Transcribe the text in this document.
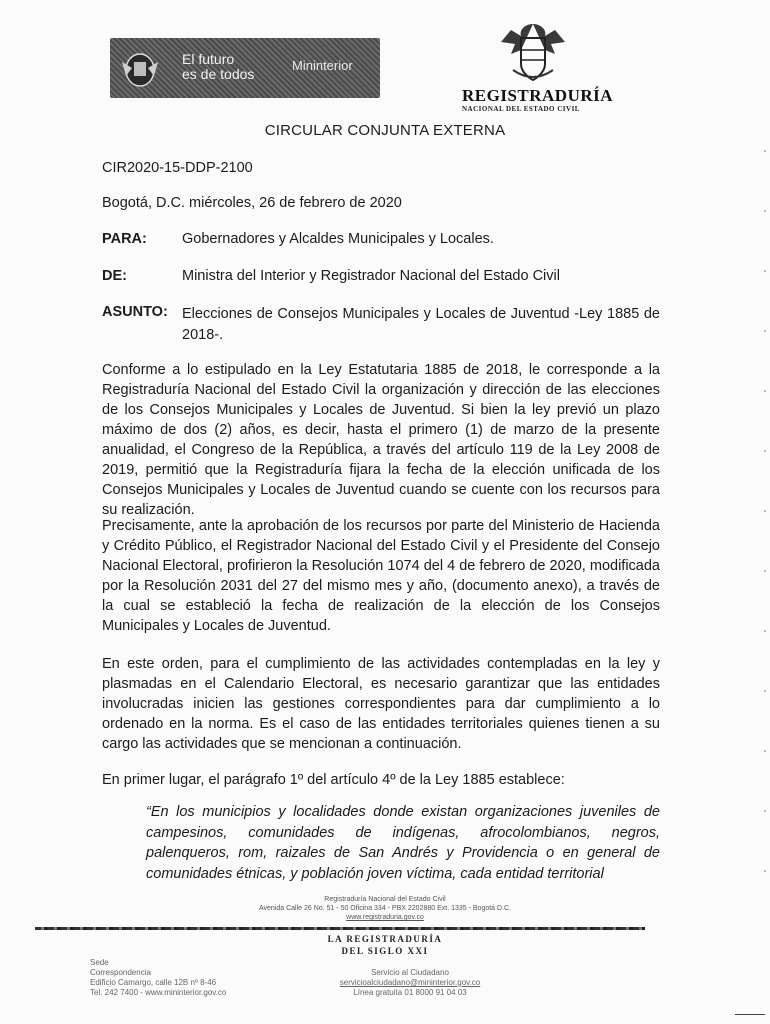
El futuro
es de todos
Mininterior
REGISTRADURÍA
NACIONAL DEL ESTADO CIVIL
CIRCULAR CONJUNTA EXTERNA
CIR2020-15-DDP-2100
Bogotá, D.C. miércoles, 26 de febrero de 2020
PARA: Gobernadores y Alcaldes Municipales y Locales.
DE:	Ministra del Interior y Registrador Nacional del Estado Civil
ASUNTO: Elecciones de Consejos Municipales y Locales de Juventud -Ley 1885 de 2018-.
Conforme a lo estipulado en la Ley Estatutaria 1885 de 2018, le corresponde a la Registraduría Nacional del Estado Civil la organización y dirección de las elecciones de los Consejos Municipales y Locales de Juventud. Si bien la ley previó un plazo máximo de dos (2) años, es decir, hasta el primero (1) de marzo de la presente anualidad, el Congreso de la República, a través del artículo 119 de la Ley 2008 de 2019, permitió que la Registraduría fijara la fecha de la elección unificada de los Consejos Municipales y Locales de Juventud cuando se cuente con los recursos para su realización.
Precisamente, ante la aprobación de los recursos por parte del Ministerio de Hacienda y Crédito Público, el Registrador Nacional del Estado Civil y el Presidente del Consejo Nacional Electoral, profirieron la Resolución 1074 del 4 de febrero de 2020, modificada por la Resolución 2031 del 27 del mismo mes y año, (documento anexo), a través de la cual se estableció la fecha de realización de la elección de los Consejos Municipales y Locales de Juventud.
En este orden, para el cumplimiento de las actividades contempladas en la ley y plasmadas en el Calendario Electoral, es necesario garantizar que las entidades involucradas inicien las gestiones correspondientes para dar cumplimiento a lo ordenado en la norma. Es el caso de las entidades territoriales quienes tienen a su cargo las actividades que se mencionan a continuación.
En primer lugar, el parágrafo 1º del artículo 4º de la Ley 1885 establece:
“En los municipios y localidades donde existan organizaciones juveniles de campesinos, comunidades de indígenas, afrocolombianos, negros, palenqueros, rom, raizales de San Andrés y Providencia o en general de comunidades étnicas, y población joven víctima, cada entidad territorial
Registraduría Nacional del Estado Civil
Avenida Calle 26 No. 51 - 50 Oficina 334 - PBX 2202880 Ext. 1335 - Bogotá D.C.
www.registraduria.gov.co
LA REGISTRADURÍA
DEL SIGLO XXI
Sede
Correspondencia
Edificio Camargo, calle 12B nº 8-46
Tel. 242 7400 - www.mininterior.gov.co
Servicio al Ciudadano
servicioalciudadano@mininterior.gov.co
Línea gratuita 01 8000 91 04 03
